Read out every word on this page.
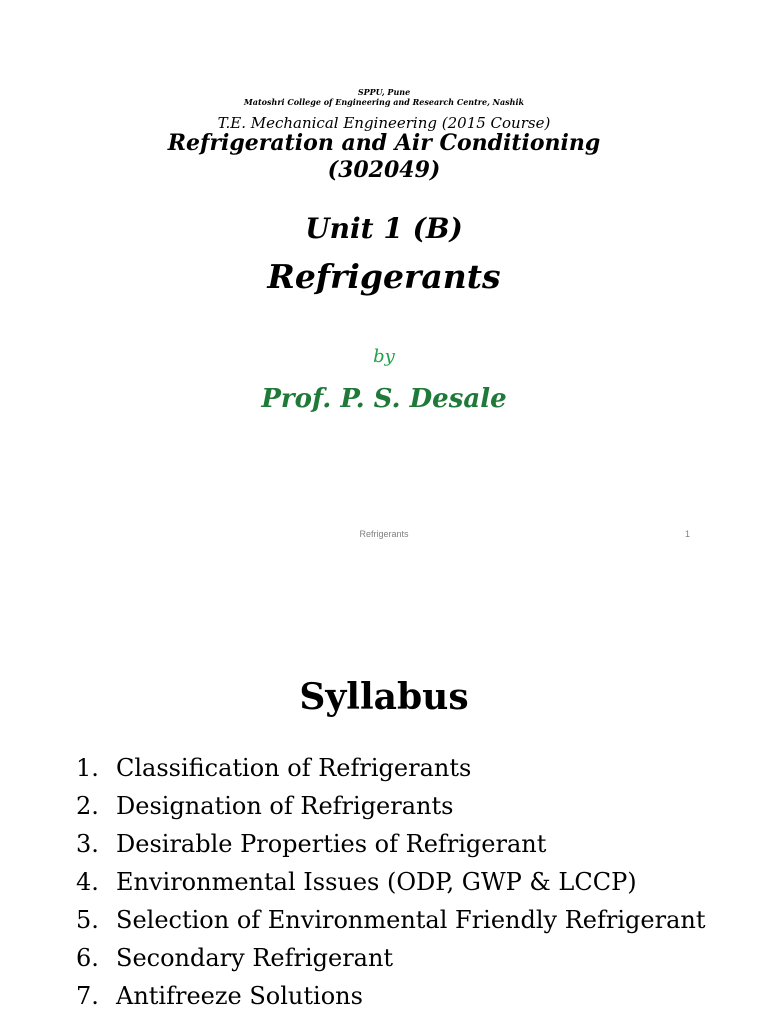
SPPU, Pune
Matoshri College of Engineering and Research Centre, Nashik
T.E. Mechanical Engineering (2015 Course)
Refrigeration and Air Conditioning
(302049)
Unit 1 (B)
Refrigerants
by
Prof. P. S. Desale
Refrigerants	1
Syllabus
1. Classification of Refrigerants
2. Designation of Refrigerants
3. Desirable Properties of Refrigerant
4. Environmental Issues (ODP, GWP & LCCP)
5. Selection of Environmental Friendly Refrigerant
6. Secondary Refrigerant
7. Antifreeze Solutions
